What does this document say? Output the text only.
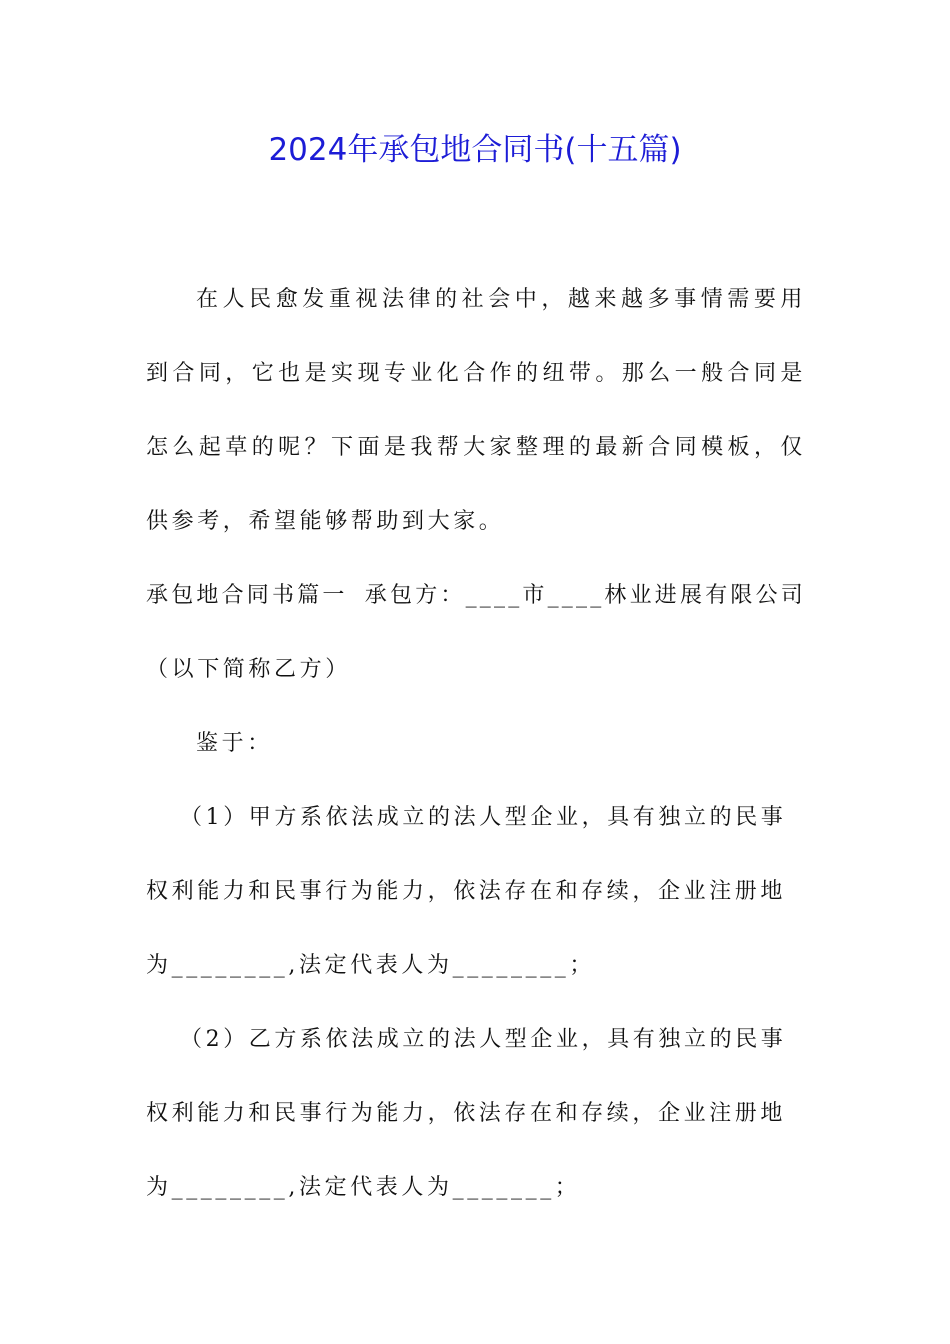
2024年承包地合同书(十五篇)

在人民愈发重视法律的社会中，越来越多事情需要用到合同，它也是实现专业化合作的纽带。那么一般合同是怎么起草的呢？下面是我帮大家整理的最新合同模板，仅供参考，希望能够帮助到大家。

承包地合同书篇一 承包方：____市____林业进展有限公司

（以下简称乙方）

鉴于：

（1）甲方系依法成立的法人型企业，具有独立的民事权利能力和民事行为能力，依法存在和存续，企业注册地为________,法定代表人为________；

（2）乙方系依法成立的法人型企业，具有独立的民事权利能力和民事行为能力，依法存在和存续，企业注册地为________,法定代表人为_______；
